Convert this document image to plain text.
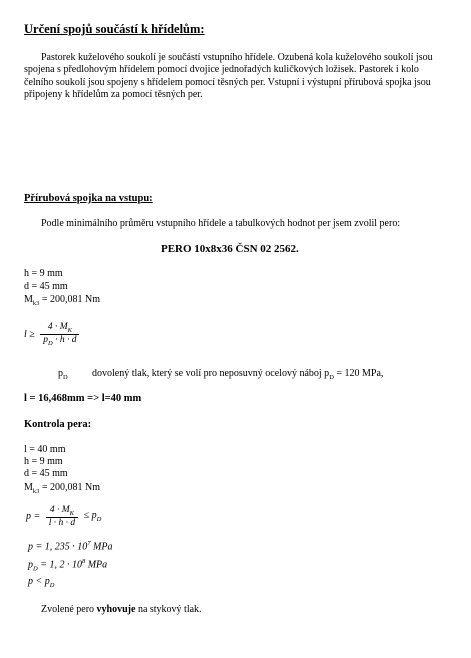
Určení spojů součástí k hřídelům:
Pastorek kuželového soukolí je součástí vstupního hřídele. Ozubená kola kuželového soukolí jsou spojena s předlohovým hřídelem pomocí dvojice jednořadých kuličkových ložisek. Pastorek i kolo čelního soukolí jsou spojeny s hřídelem pomocí těsných per. Vstupní i výstupní přírubová spojka jsou připojeny k hřídelům za pomocí těsných per.
Přírubová spojka na vstupu:
Podle minimálního průměru vstupního hřídele a tabulkových hodnot per jsem zvolil pero:
PERO 10x8x36 ČSN 02 2562.
h = 9 mm
d = 45 mm
$M_{k3} = 200,081$ Nm
$l \ge \frac{4 \cdot M_K}{p_D \cdot h \cdot d}$
$p_D$ dovolený tlak, který se volí pro neposuvný ocelový náboj $p_D = 120$ MPa,
l = 16,468mm => l=40 mm
Kontrola pera:
l = 40 mm
h = 9 mm
d = 45 mm
$M_{k3} = 200,081$ Nm
$p = \frac{4 \cdot M_K}{l \cdot h \cdot d} \le p_D$
p = 1, $235 \cdot 10^7$ MPa
$p_D = 1$, $2 \cdot 10^8$ MPa
$p < p_D$
Zvolené pero vyhovuje na stykový tlak.
